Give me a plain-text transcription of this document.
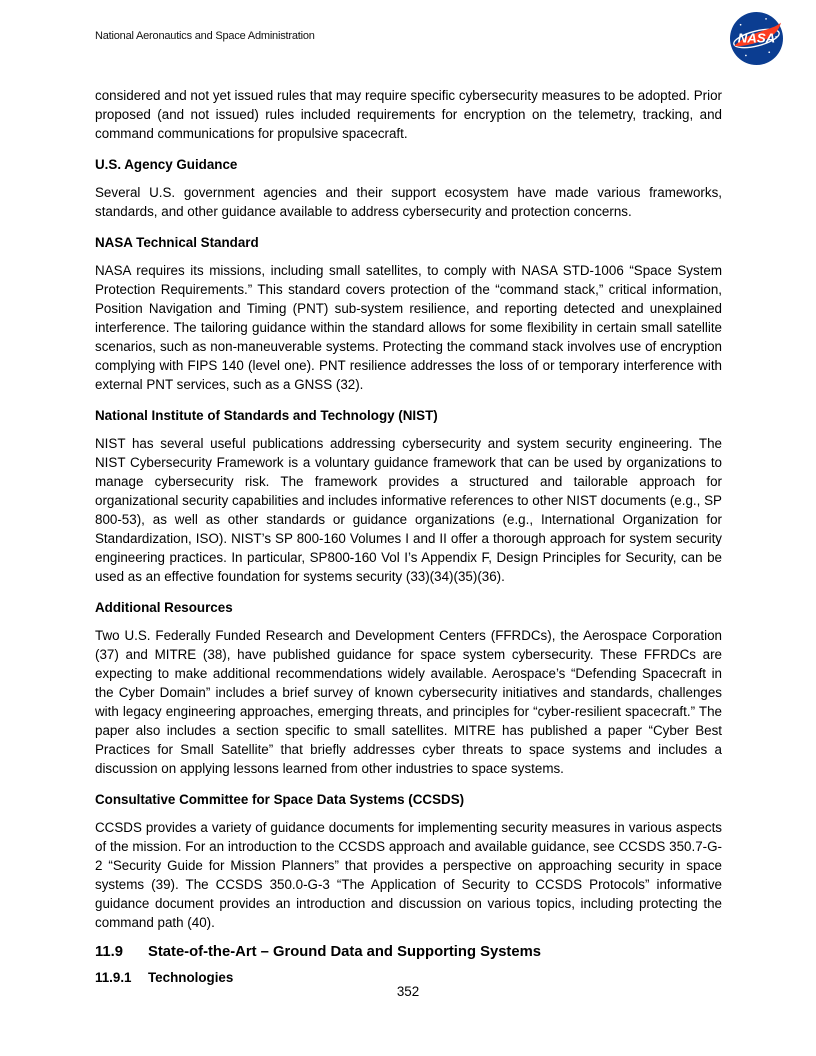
National Aeronautics and Space Administration	NASA

considered and not yet issued rules that may require specific cybersecurity measures to be adopted. Prior proposed (and not issued) rules included requirements for encryption on the telemetry, tracking, and command communications for propulsive spacecraft.

U.S. Agency Guidance

Several U.S. government agencies and their support ecosystem have made various frameworks, standards, and other guidance available to address cybersecurity and protection concerns.

NASA Technical Standard

NASA requires its missions, including small satellites, to comply with NASA STD-1006 “Space System Protection Requirements.” This standard covers protection of the “command stack,” critical information, Position Navigation and Timing (PNT) sub-system resilience, and reporting detected and unexplained interference. The tailoring guidance within the standard allows for some flexibility in certain small satellite scenarios, such as non-maneuverable systems. Protecting the command stack involves use of encryption complying with FIPS 140 (level one). PNT resilience addresses the loss of or temporary interference with external PNT services, such as a GNSS (32).

National Institute of Standards and Technology (NIST)

NIST has several useful publications addressing cybersecurity and system security engineering. The NIST Cybersecurity Framework is a voluntary guidance framework that can be used by organizations to manage cybersecurity risk. The framework provides a structured and tailorable approach for organizational security capabilities and includes informative references to other NIST documents (e.g., SP 800-53), as well as other standards or guidance organizations (e.g., International Organization for Standardization, ISO). NIST’s SP 800-160 Volumes I and II offer a thorough approach for system security engineering practices. In particular, SP800-160 Vol I’s Appendix F, Design Principles for Security, can be used as an effective foundation for systems security (33)(34)(35)(36).

Additional Resources

Two U.S. Federally Funded Research and Development Centers (FFRDCs), the Aerospace Corporation (37) and MITRE (38), have published guidance for space system cybersecurity. These FFRDCs are expecting to make additional recommendations widely available. Aerospace’s “Defending Spacecraft in the Cyber Domain” includes a brief survey of known cybersecurity initiatives and standards, challenges with legacy engineering approaches, emerging threats, and principles for “cyber-resilient spacecraft.” The paper also includes a section specific to small satellites. MITRE has published a paper “Cyber Best Practices for Small Satellite” that briefly addresses cyber threats to space systems and includes a discussion on applying lessons learned from other industries to space systems.

Consultative Committee for Space Data Systems (CCSDS)

CCSDS provides a variety of guidance documents for implementing security measures in various aspects of the mission. For an introduction to the CCSDS approach and available guidance, see CCSDS 350.7-G-2 “Security Guide for Mission Planners” that provides a perspective on approaching security in space systems (39). The CCSDS 350.0-G-3 “The Application of Security to CCSDS Protocols” informative guidance document provides an introduction and discussion on various topics, including protecting the command path (40).

11.9	State-of-the-Art – Ground Data and Supporting Systems
11.9.1	Technologies
352
